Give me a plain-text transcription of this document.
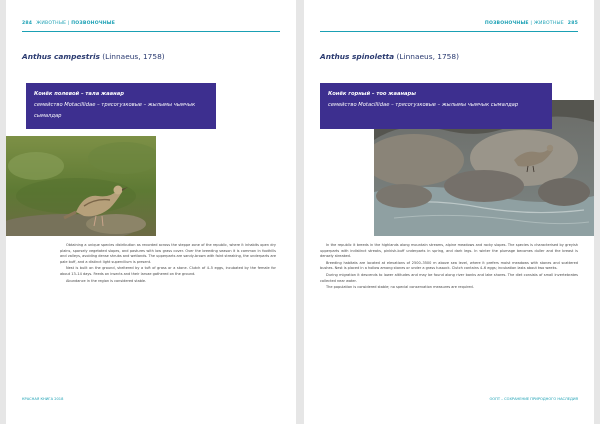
284 ЖИВОТНЫЕ | ПОЗВОНОЧНЫЕ
Anthus campestris (Linnaeus, 1758)
Конёк полевой – тала жаанар
семейство Motacillidae – трясогузковые – жылымы чымчык сымалдар

Obtaining a unique species distribution as recorded across the steppe zone of the republic, where it inhabits open dry plains, sparsely vegetated slopes, and pastures with low grass cover. Over the breeding season it is common in foothills and valleys, avoiding dense shrubs and wetlands. The upperparts are sandy-brown with faint streaking, the underparts are pale buff, and a distinct light supercilium is present.

Nest is built on the ground, sheltered by a tuft of grass or a stone. Clutch of 4–5 eggs, incubated by the female for about 13–14 days. Feeds on insects and their larvae gathered on the ground.

Abundance in the region is considered stable.

КРАСНАЯ КНИГА 2018
ПОЗВОНОЧНЫЕ | ЖИВОТНЫЕ 285
Anthus spinoletta (Linnaeus, 1758)
Конёк горный – тоо жаанары
семейство Motacillidae – трясогузковые – жылымы чымчык сымалдар

In the republic it breeds in the highlands along mountain streams, alpine meadows and rocky slopes. The species is characterised by greyish upperparts with indistinct streaks, pinkish-buff underparts in spring, and dark legs. In winter the plumage becomes duller and the breast is densely streaked.

Breeding habitats are located at elevations of 2500–3500 m above sea level, where it prefers moist meadows with stones and scattered bushes. Nest is placed in a hollow among stones or under a grass tussock. Clutch contains 4–6 eggs; incubation lasts about two weeks.

During migration it descends to lower altitudes and may be found along river banks and lake shores. The diet consists of small invertebrates collected near water.

The population is considered stable; no special conservation measures are required.

ООПТ – СОХРАНЕНИЕ ПРИРОДНОГО НАСЛЕДИЯ
